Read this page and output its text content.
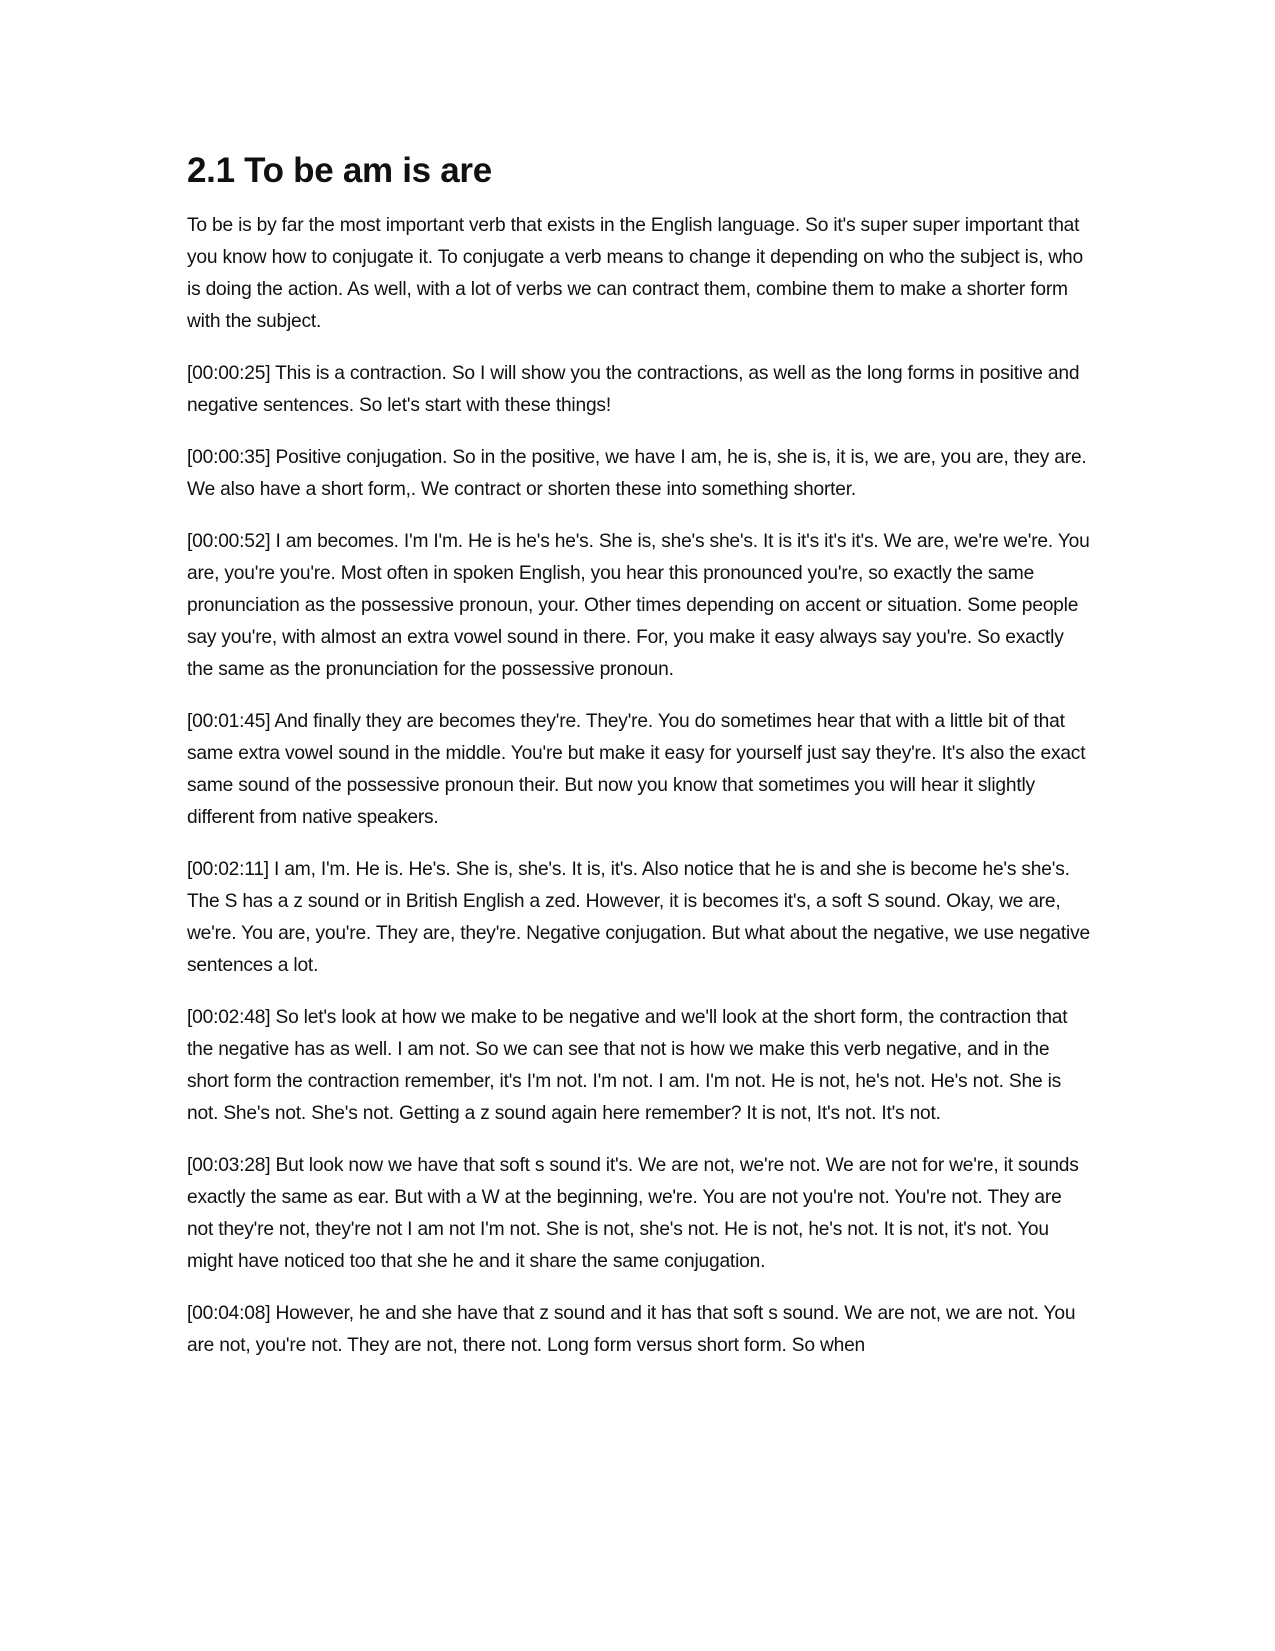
2.1 To be am is are

To be is by far the most important verb that exists in the English language. So it's super super important that you know how to conjugate it. To conjugate a verb means to change it depending on who the subject is, who is doing the action. As well, with a lot of verbs we can contract them, combine them to make a shorter form with the subject.

[00:00:25] This is a contraction. So I will show you the contractions, as well as the long forms in positive and negative sentences. So let's start with these things!

[00:00:35] Positive conjugation. So in the positive, we have I am, he is, she is, it is, we are, you are, they are. We also have a short form,. We contract or shorten these into something shorter.

[00:00:52] I am becomes. I'm I'm. He is he's he's. She is, she's she's. It is it's it's it's. We are, we're we're. You are, you're you're. Most often in spoken English, you hear this pronounced you're, so exactly the same pronunciation as the possessive pronoun, your. Other times depending on accent or situation. Some people say you're, with almost an extra vowel sound in there. For, you make it easy always say you're. So exactly the same as the pronunciation for the possessive pronoun.

[00:01:45] And finally they are becomes they're. They're. You do sometimes hear that with a little bit of that same extra vowel sound in the middle. You're but make it easy for yourself just say they're. It's also the exact same sound of the possessive pronoun their. But now you know that sometimes you will hear it slightly different from native speakers.

[00:02:11] I am, I'm. He is. He's. She is, she's. It is, it's. Also notice that he is and she is become he's she's. The S has a z sound or in British English a zed. However, it is becomes it's, a soft S sound. Okay, we are, we're. You are, you're. They are, they're. Negative conjugation. But what about the negative, we use negative sentences a lot.

[00:02:48] So let's look at how we make to be negative and we'll look at the short form, the contraction that the negative has as well. I am not. So we can see that not is how we make this verb negative, and in the short form the contraction remember, it's I'm not. I'm not. I am. I'm not. He is not, he's not. He's not. She is not. She's not. She's not. Getting a z sound again here remember? It is not, It's not. It's not.

[00:03:28] But look now we have that soft s sound it's. We are not, we're not. We are not for we're, it sounds exactly the same as ear. But with a W at the beginning, we're. You are not you're not. You're not. They are not they're not, they're not I am not I'm not. She is not, she's not. He is not, he's not. It is not, it's not. You might have noticed too that she he and it share the same conjugation.

[00:04:08] However, he and she have that z sound and it has that soft s sound. We are not, we are not. You are not, you're not. They are not, there not. Long form versus short form. So when
